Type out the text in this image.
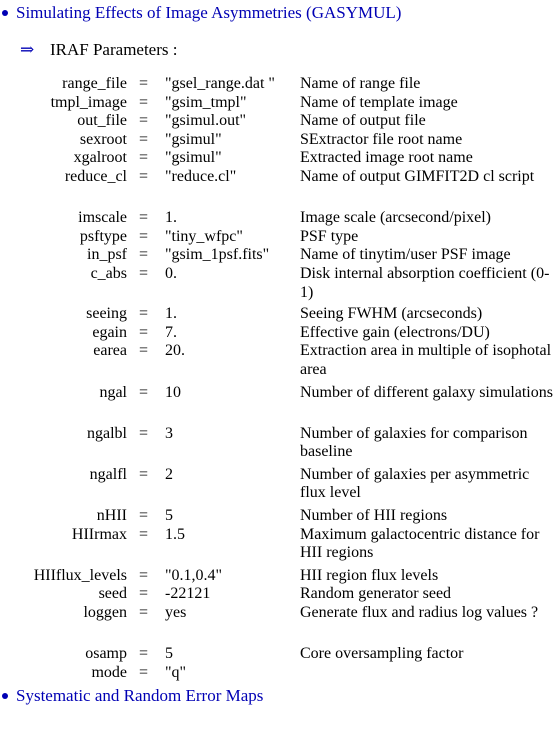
Simulating Effects of Image Asymmetries (GASYMUL)
⇒ IRAF Parameters :
range_file = "gsel_range.dat " Name of range file
tmpl_image = "gsim_tmpl"	Name of template image
out_file = "gsimul.out"	Name of output file
sexroot = "gsimul"	SExtractor file root name
xgalroot = "gsimul"	Extracted image root name
reduce_cl = "reduce.cl"	Name of output GIMFIT2D cl script
imscale = 1.	Image scale (arcsecond/pixel)
psftype = "tiny_wfpc"	PSF type
in_psf = "gsim_1psf.fits" Name of tinytim/user PSF image
c_abs = 0.	Disk internal absorption coefficient (0-1)
seeing = 1.	Seeing FWHM (arcseconds)
egain = 7.	Effective gain (electrons/DU)
earea = 20.	Extraction area in multiple of isophotal area
ngal = 10	Number of different galaxy simulations
ngalbl = 3	Number of galaxies for comparison baseline
ngalfl = 2	Number of galaxies per asymmetric flux level
nHII = 5	Number of HII regions
HIIrmax = 1.5	Maximum galactocentric distance for HII regions
HIIflux_levels = "0.1,0.4"	HII region flux levels
seed = -22121	Random generator seed
loggen = yes	Generate flux and radius log values ?
osamp = 5	Core oversampling factor
mode = "q"
Systematic and Random Error Maps
